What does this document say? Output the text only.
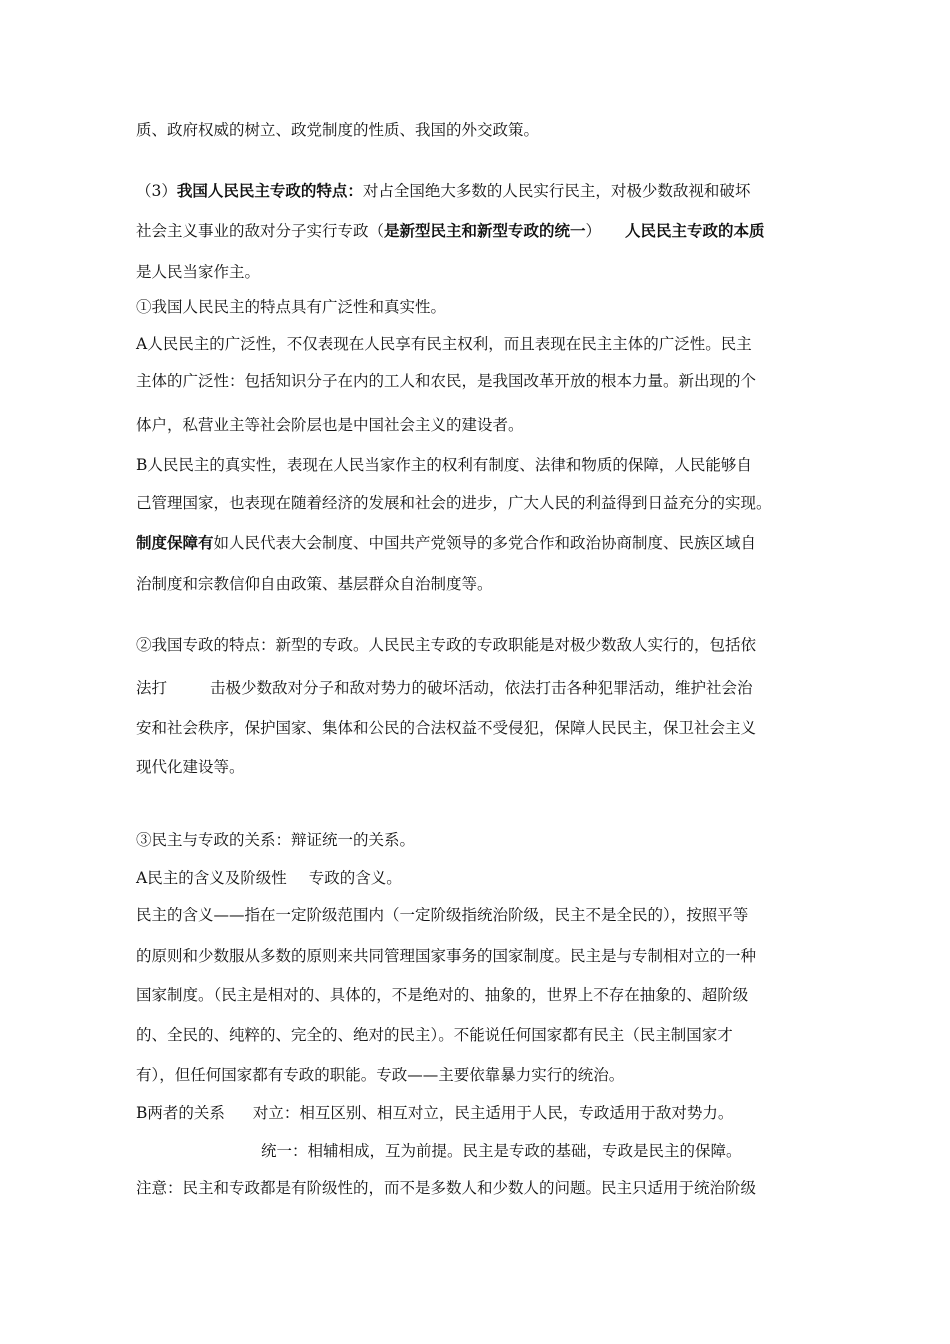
质、政府权威的树立、政党制度的性质、我国的外交政策。
（3）我国人民民主专政的特点：对占全国绝大多数的人民实行民主，对极少数敌视和破坏
社会主义事业的敌对分子实行专政（是新型民主和新型专政的统一） 人民民主专政的本质
是人民当家作主。
①我国人民民主的特点具有广泛性和真实性。
A人民民主的广泛性，不仅表现在人民享有民主权利，而且表现在民主主体的广泛性。民主
主体的广泛性：包括知识分子在内的工人和农民，是我国改革开放的根本力量。新出现的个
体户，私营业主等社会阶层也是中国社会主义的建设者。
B人民民主的真实性，表现在人民当家作主的权利有制度、法律和物质的保障，人民能够自
己管理国家，也表现在随着经济的发展和社会的进步，广大人民的利益得到日益充分的实现。
制度保障有如人民代表大会制度、中国共产党领导的多党合作和政治协商制度、民族区域自
治制度和宗教信仰自由政策、基层群众自治制度等。
②我国专政的特点：新型的专政。人民民主专政的专政职能是对极少数敌人实行的，包括依
法打	击极少数敌对分子和敌对势力的破坏活动，依法打击各种犯罪活动，维护社会治
安和社会秩序，保护国家、集体和公民的合法权益不受侵犯，保障人民民主，保卫社会主义
现代化建设等。
③民主与专政的关系：辩证统一的关系。
A民主的含义及阶级性 专政的含义。
民主的含义——指在一定阶级范围内（一定阶级指统治阶级，民主不是全民的），按照平等
的原则和少数服从多数的原则来共同管理国家事务的国家制度。民主是与专制相对立的一种
国家制度。（民主是相对的、具体的，不是绝对的、抽象的，世界上不存在抽象的、超阶级
的、全民的、纯粹的、完全的、绝对的民主）。不能说任何国家都有民主（民主制国家才
有），但任何国家都有专政的职能。专政——主要依靠暴力实行的统治。
B两者的关系 对立：相互区别、相互对立，民主适用于人民，专政适用于敌对势力。
统一：相辅相成，互为前提。民主是专政的基础，专政是民主的保障。
注意：民主和专政都是有阶级性的，而不是多数人和少数人的问题。民主只适用于统治阶级
